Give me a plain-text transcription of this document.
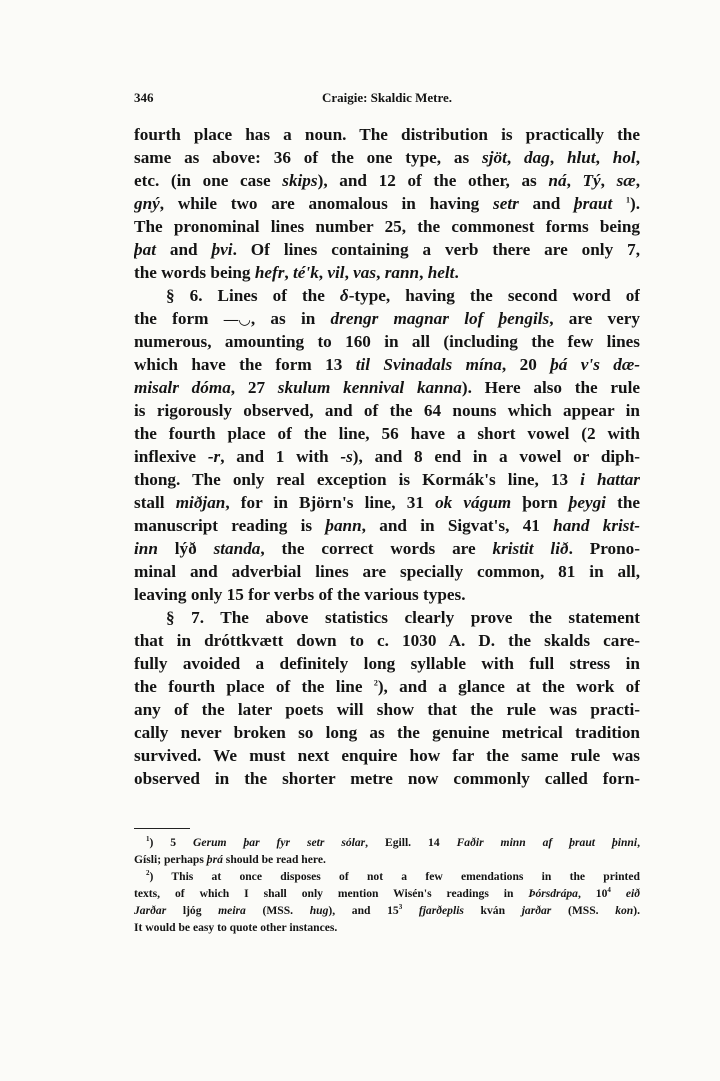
346	Craigie: Skaldic Metre.
fourth place has a noun. The distribution is practically the
same as above: 36 of the one type, as sjöt, dag, hlut, hol,
etc. (in one case skips), and 12 of the other, as ná, Tý, sæ,
gný, while two are anomalous in having setr and þraut $^1$).
The pronominal lines number 25, the commonest forms being
þat and þvi. Of lines containing a verb there are only 7,
the words being hefr, té'k, vil, vas, rann, helt.
§ 6. Lines of the δ-type, having the second word of
the form —◡, as in drengr magnar lof þengils, are very
numerous, amounting to 160 in all (including the few lines
which have the form 13 til Svinadals mína, 20 þá v's dæ-
misalr dóma, 27 skulum kennival kanna). Here also the rule
is rigorously observed, and of the 64 nouns which appear in
the fourth place of the line, 56 have a short vowel (2 with
inflexive -r, and 1 with -s), and 8 end in a vowel or diph-
thong. The only real exception is Kormák's line, 13 i hattar
stall miðjan, for in Björn's line, 31 ok vágum þorn þeygi the
manuscript reading is þann, and in Sigvat's, 41 hand krist-
inn lýð standa, the correct words are kristit lið. Prono-
minal and adverbial lines are specially common, 81 in all,
leaving only 15 for verbs of the various types.
§ 7. The above statistics clearly prove the statement
that in dróttkvætt down to c. 1030 A. D. the skalds care-
fully avoided a definitely long syllable with full stress in
the fourth place of the line $^2$), and a glance at the work of
any of the later poets will show that the rule was practi-
cally never broken so long as the genuine metrical tradition
survived. We must next enquire how far the same rule was
observed in the shorter metre now commonly called forn-
$^1$) 5 Gerum þar fyr setr sólar, Egill. 14 Faðir minn af þraut þinni,
Gísli; perhaps þrá should be read here.
$^2$) This at once disposes of not a few emendations in the printed
texts, of which I shall only mention Wisén's readings in Þórsdrápa, $10^4$ eið
Jarðar ljóg meira (MSS. hug), and $15^3$ fjarðeplis kván jarðar (MSS. kon).
It would be easy to quote other instances.
